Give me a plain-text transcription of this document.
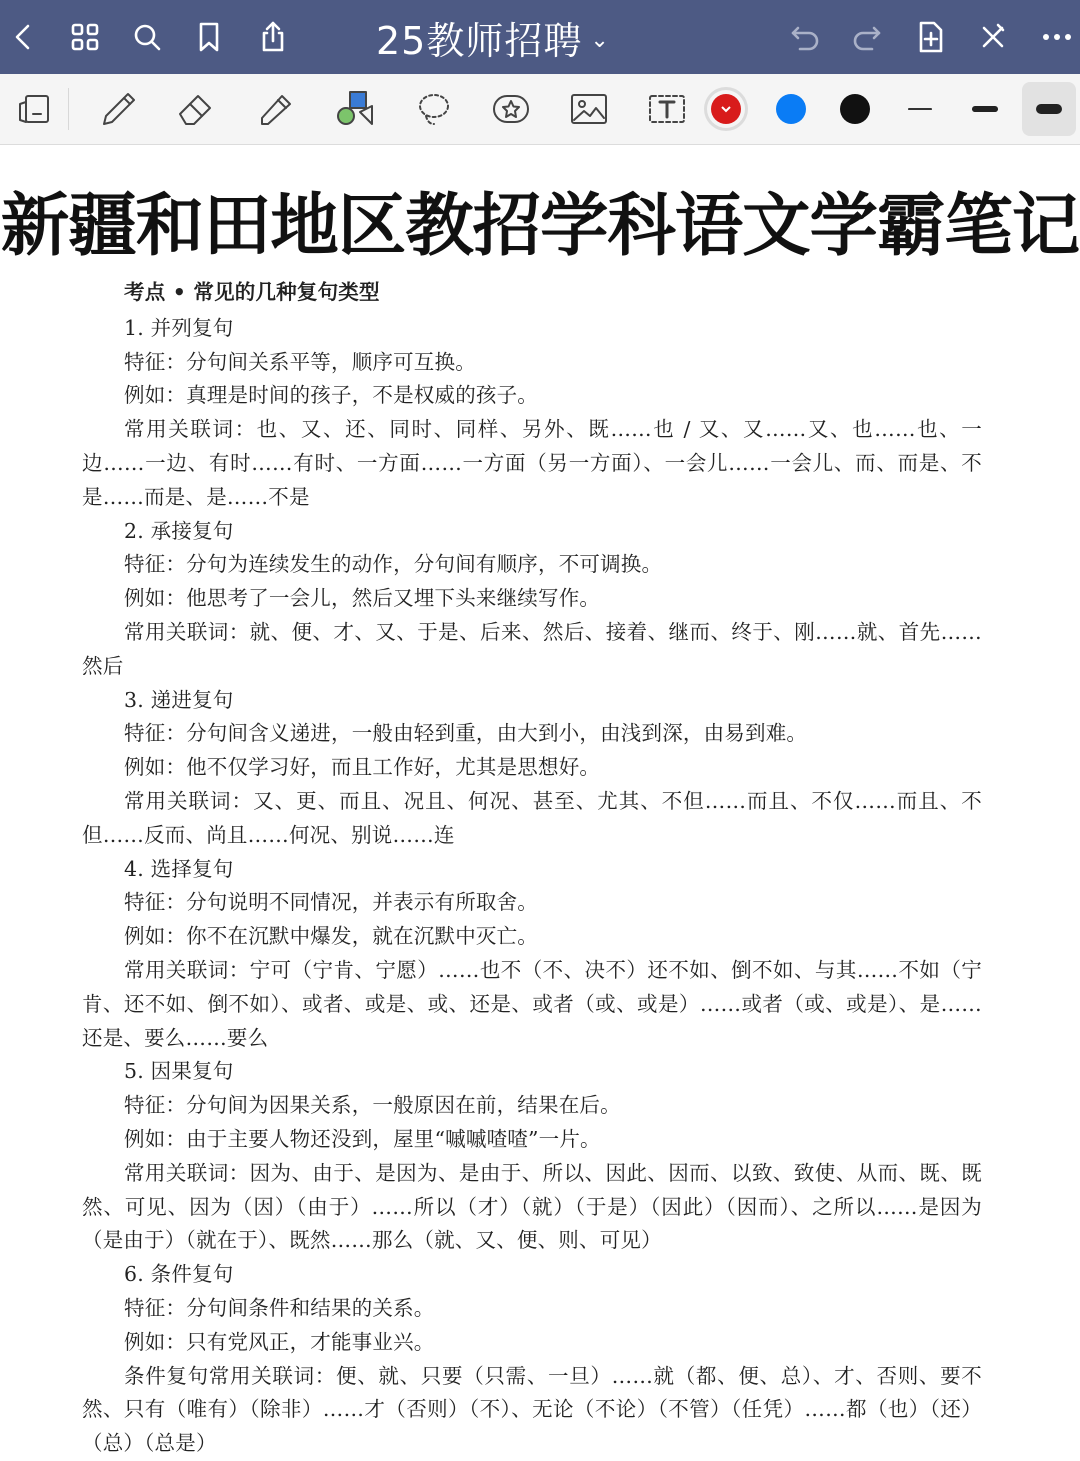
25教师招聘 ⌄
新疆和田地区教招学科语文学霸笔记

考点 • 常见的几种复句类型

1. 并列复句

特征：分句间关系平等，顺序可互换。

例如：真理是时间的孩子，不是权威的孩子。

常用关联词：也、又、还、同时、同样、另外、既……也 / 又、又……又、也……也、一边……一边、有时……有时、一方面……一方面（另一方面）、一会儿……一会儿、而、而是、不是……而是、是……不是

2. 承接复句

特征：分句为连续发生的动作，分句间有顺序，不可调换。

例如：他思考了一会儿，然后又埋下头来继续写作。

常用关联词：就、便、才、又、于是、后来、然后、接着、继而、终于、刚……就、首先……然后

3. 递进复句

特征：分句间含义递进，一般由轻到重，由大到小，由浅到深，由易到难。

例如：他不仅学习好，而且工作好，尤其是思想好。

常用关联词：又、更、而且、况且、何况、甚至、尤其、不但……而且、不仅……而且、不但……反而、尚且……何况、别说……连

4. 选择复句

特征：分句说明不同情况，并表示有所取舍。

例如：你不在沉默中爆发，就在沉默中灭亡。

常用关联词：宁可（宁肯、宁愿）……也不（不、决不）还不如、倒不如、与其……不如（宁肯、还不如、倒不如）、或者、或是、或、还是、或者（或、或是）……或者（或、或是）、是……还是、要么……要么

5. 因果复句

特征：分句间为因果关系，一般原因在前，结果在后。

例如：由于主要人物还没到，屋里“嘁嘁喳喳”一片。

常用关联词：因为、由于、是因为、是由于、所以、因此、因而、以致、致使、从而、既、既然、可见、因为（因）（由于）……所以（才）（就）（于是）（因此）（因而）、之所以……是因为（是由于）（就在于）、既然……那么（就、又、便、则、可见）

6. 条件复句

特征：分句间条件和结果的关系。

例如：只有党风正，才能事业兴。

条件复句常用关联词：便、就、只要（只需、一旦）……就（都、便、总）、才、否则、要不然、只有（唯有）（除非）……才（否则）（不）、无论（不论）（不管）（任凭）……都（也）（还）（总）（总是）
